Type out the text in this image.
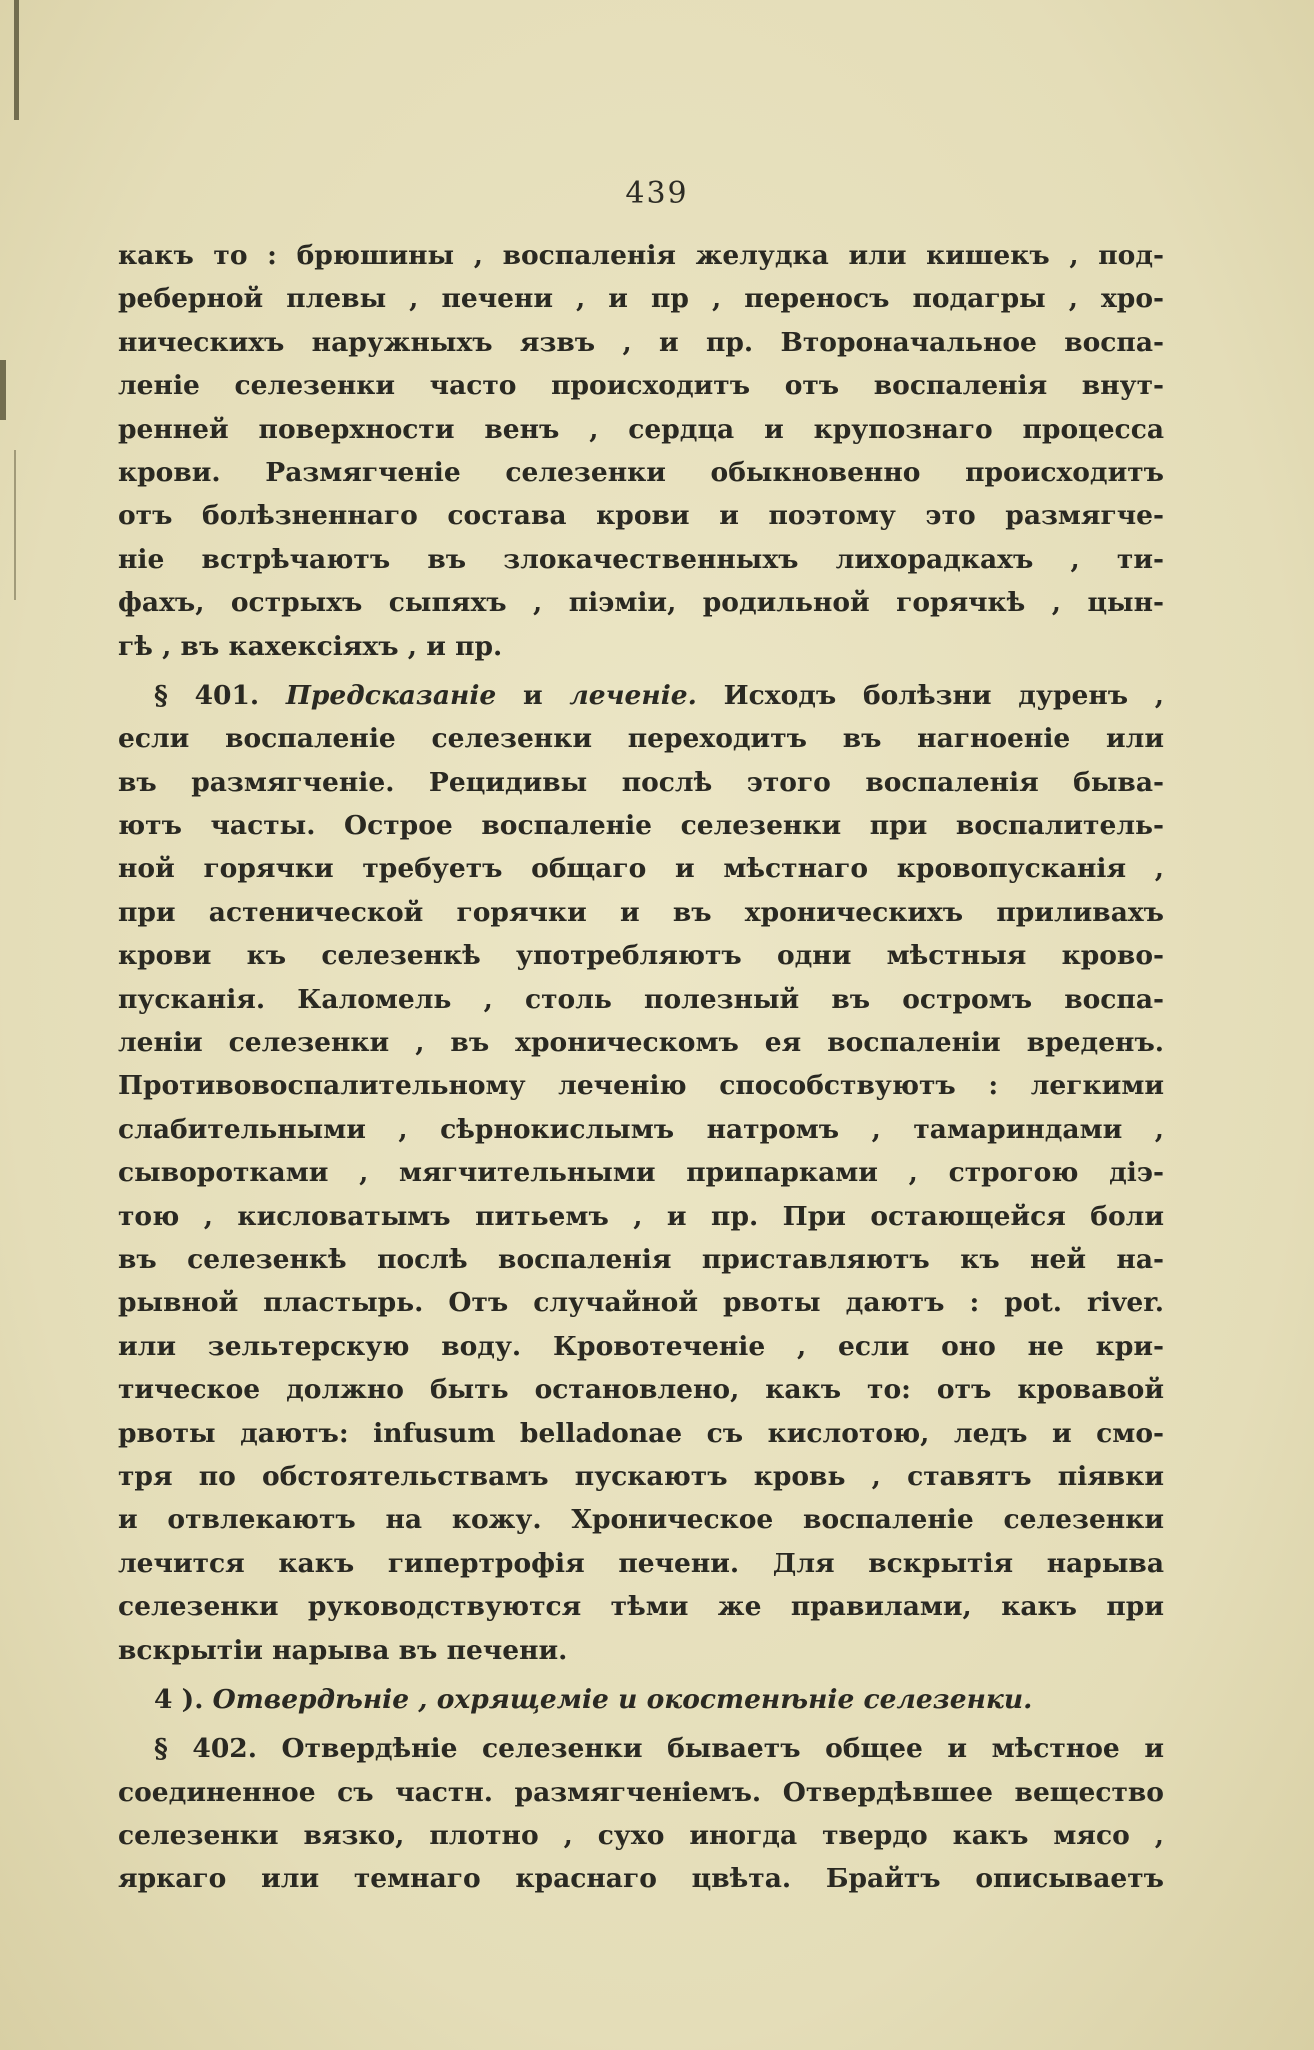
439
какъ то : брюшины , воспаленія желудка или кишекъ , под-
реберной плевы , печени , и пр , переносъ подагры , хро-
ническихъ наружныхъ язвъ , и пр. Второначальное воспа-
леніе селезенки часто происходитъ отъ воспаленія внут-
ренней поверхности венъ , сердца и крупознаго процесса
крови. Размягченіе селезенки обыкновенно происходитъ
отъ болѣзненнаго состава крови и поэтому это размягче-
ніе встрѣчаютъ въ злокачественныхъ лихорадкахъ , ти-
фахъ, острыхъ сыпяхъ , піэміи, родильной горячкѣ , цын-
гѣ , въ кахексіяхъ , и пр.
§ 401. Предсказаніе и леченіе. Исходъ болѣзни дуренъ ,
если воспаленіе селезенки переходитъ въ нагноеніе или
въ размягченіе. Рецидивы послѣ этого воспаленія быва-
ютъ часты. Острое воспаленіе селезенки при воспалитель-
ной горячки требуетъ общаго и мѣстнаго кровопусканія ,
при астенической горячки и въ хроническихъ приливахъ
крови къ селезенкѣ употребляютъ одни мѣстныя крово-
пусканія. Каломель , столь полезный въ остромъ воспа-
леніи селезенки , въ хроническомъ ея воспаленіи вреденъ.
Противовоспалительному леченію способствуютъ : легкими
слабительными , сѣрнокислымъ натромъ , тамариндами ,
сывоpотками , мягчительными припарками , строгою діэ-
тою , кисловатымъ питьемъ , и пр. При остающейся боли
въ селезенкѣ послѣ воспаленія приставляютъ къ ней на-
рывной пластырь. Отъ случайной рвоты даютъ : pot. river.
или зельтерскую воду. Кровотеченіе , если оно не кри-
тическое должно быть остановлено, какъ то: отъ кровавой
рвоты даютъ: infusum belladonae съ кислотою, ледъ и смо-
тря по обстоятельствамъ пускаютъ кровь , ставятъ піявки
и отвлекаютъ на кожу. Хроническое воспаленіе селезенки
лечится какъ гипертрофія печени. Для вскрытія нарыва
селезенки руководствуются тѣми же правилами, какъ при
вскрытіи нарыва въ печени.
4 ). Отвердѣніе , охрящеміе и окостенѣніе селезенки.
§ 402. Отвердѣніе селезенки бываетъ общее и мѣстное и
соединенное съ частн. размягченіемъ. Отвердѣвшее вещество
селезенки вязко, плотно , сухо иногда твердо какъ мясо ,
яркаго или темнаго краснаго цвѣта. Брайтъ описываетъ
